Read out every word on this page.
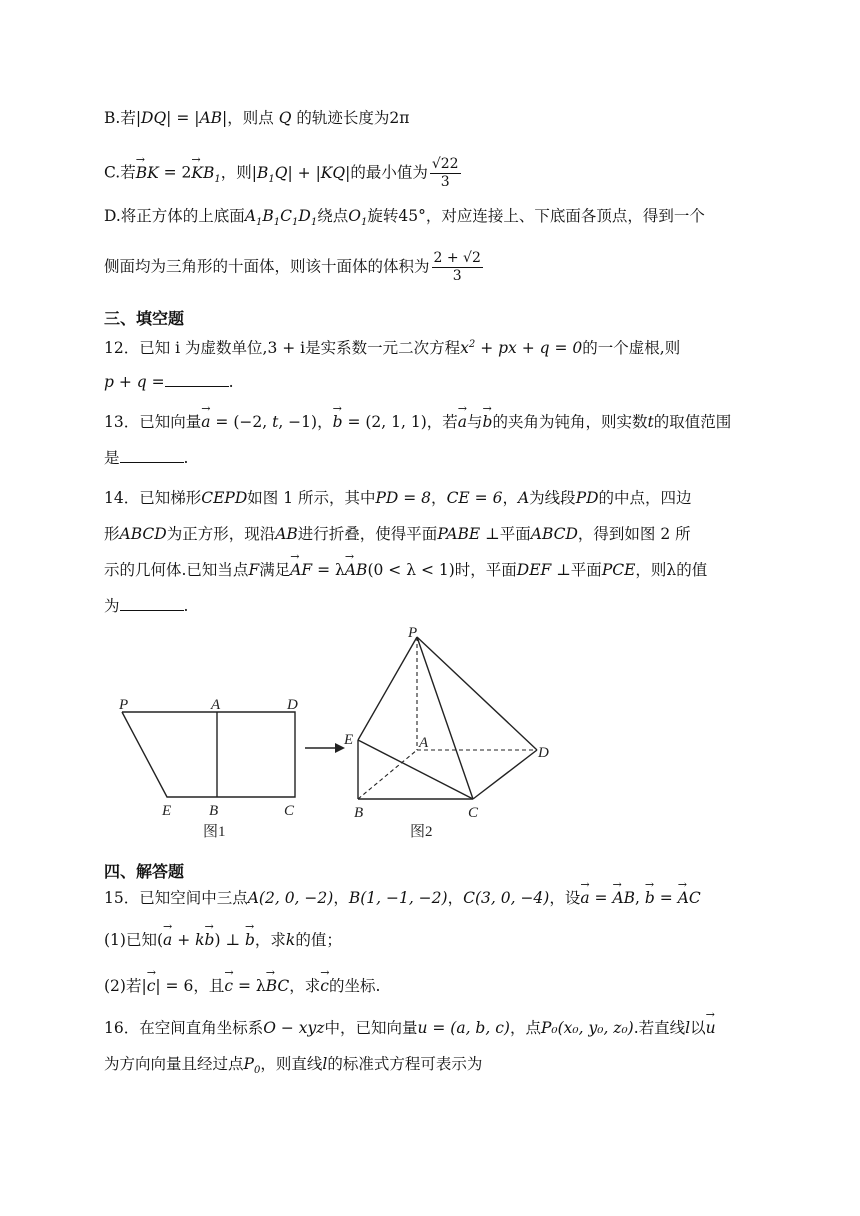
B.若|DQ| = |AB|，则点 Q 的轨迹长度为2π
C.若→ BK = $2\to KB_1$，则$|B_1Q| + |KQ|$的最小值为 $\frac{√22}{3}$
D.将正方体的上底面$A_1B_1C_1D_1$绕点$O_1$旋转45°，对应连接上、下底面各顶点，得到一个
侧面均为三角形的十面体，则该十面体的体积为 $\frac{2 + √2}{3}$
三、填空题
12．已知 i 为虚数单位,3 + i是实系数一元二次方程$x^2$ + px + q = 0的一个虚根,则
p + q =	.
13．已知向量→ a = (−2, t, −1)，→ b = (2, 1, 1)，若→ a与→ b的夹角为钝角，则实数t的取值范围
是	.
14．已知梯形CEPD如图 1 所示，其中PD = 8，CE = 6，A为线段PD的中点，四边
形ABCD为正方形，现沿AB进行折叠，使得平面PABE ⊥平面ABCD，得到如图 2 所
示的几何体.已知当点F满足→ AF = λ→ AB(0 < λ < 1)时，平面DEF ⊥平面PCE，则λ的值
为	.
P	A	D
E	B	C
图1
P
E	A
D
B	C
图2
四、解答题
15．已知空间中三点A(2, 0, −2)，B(1, −1, −2)，C(3, 0, −4)，设→ a = → AB, → b = → AC
(1)已知(→ a + k→ b) ⊥ → b，求k的值；
(2)若|→ c| = 6，且→ c = λ→ BC，求→ c的坐标.
16．在空间直角坐标系O − xyz中，已知向量u = (a, b, c)，点P₀(x₀, y₀, z₀).若直线l以→ u
为方向向量且经过点$P_0$，则直线l的标准式方程可表示为
